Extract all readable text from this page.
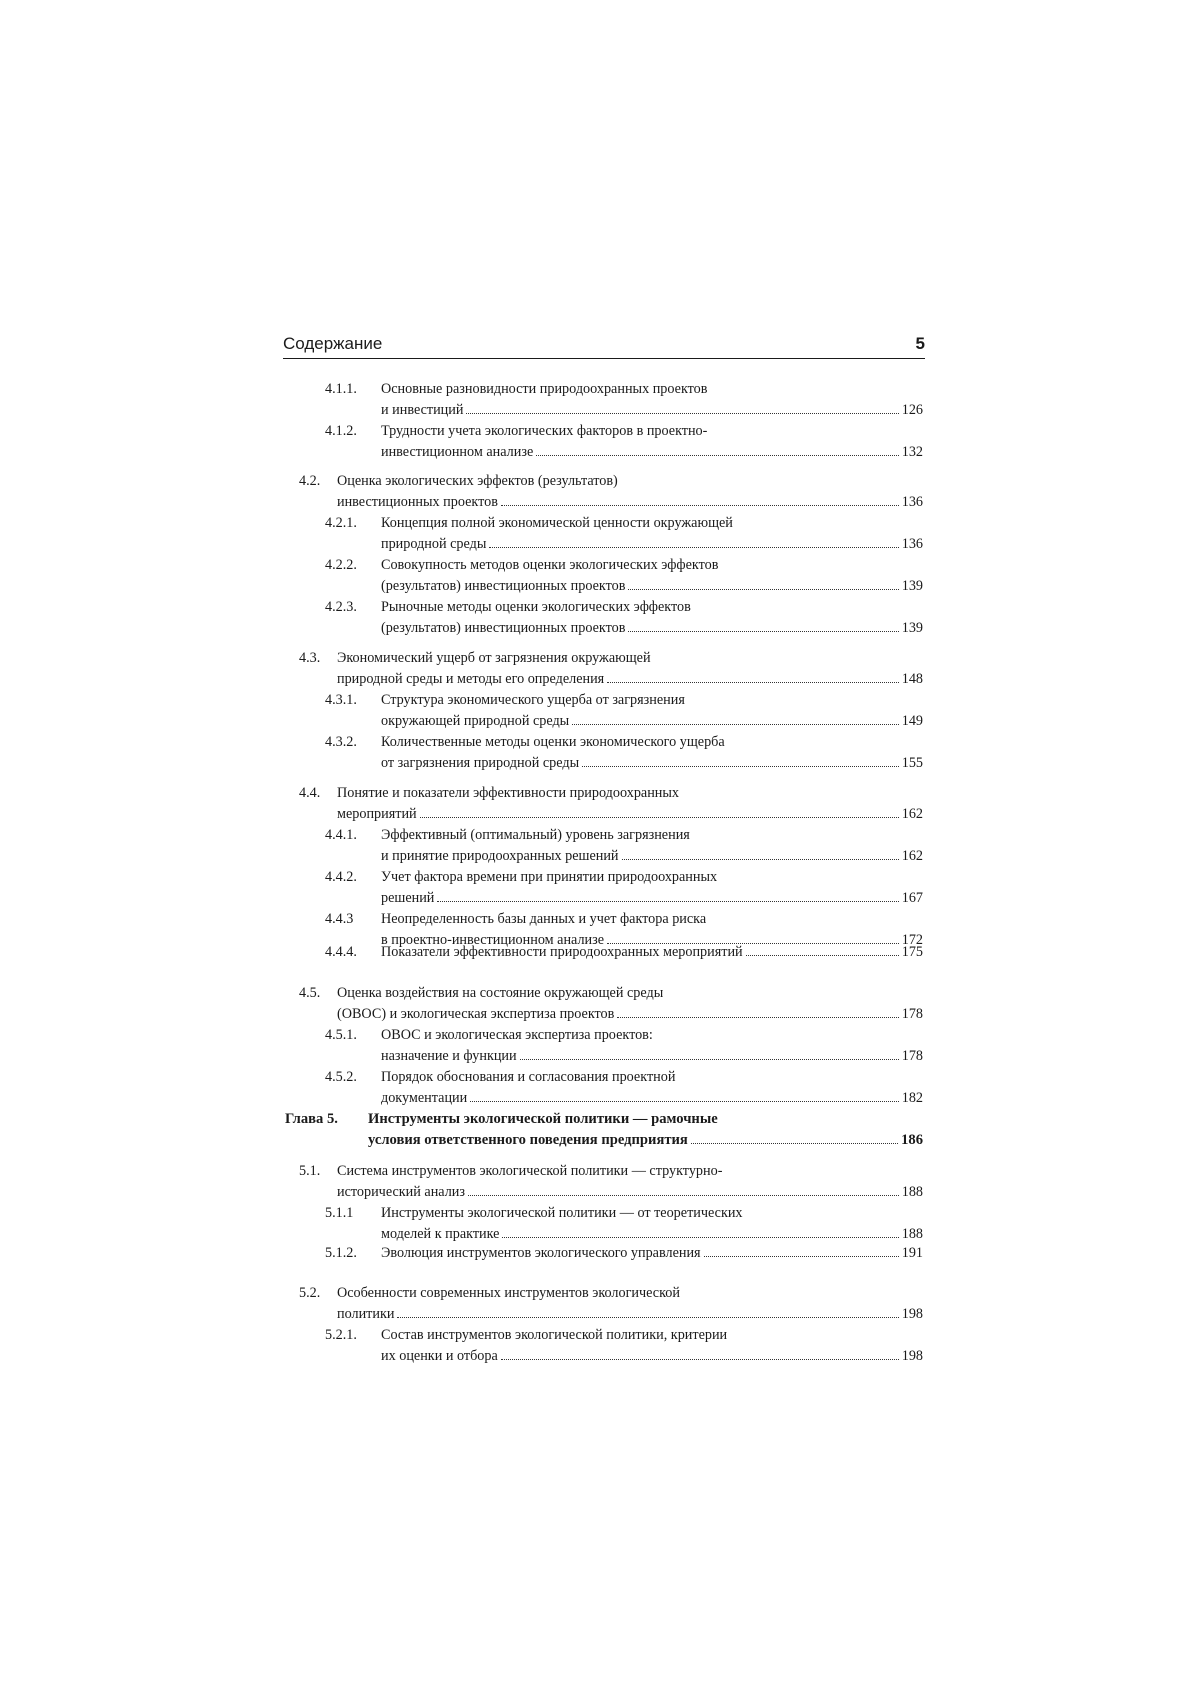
Содержание	5
4.1.1. Основные разновидности природоохранных проектов
и инвестиций	126
4.1.2. Трудности учета экологических факторов в проектно-
инвестиционном анализе	132
4.2. Оценка экологических эффектов (результатов)
инвестиционных проектов	136
4.2.1. Концепция полной экономической ценности окружающей
природной среды	136
4.2.2. Совокупность методов оценки экологических эффектов
(результатов) инвестиционных проектов	139
4.2.3. Рыночные методы оценки экологических эффектов
(результатов) инвестиционных проектов	139
4.3. Экономический ущерб от загрязнения окружающей
природной среды и методы его определения	148
4.3.1. Структура экономического ущерба от загрязнения
окружающей природной среды	149
4.3.2. Количественные методы оценки экономического ущерба
от загрязнения природной среды	155
4.4. Понятие и показатели эффективности природоохранных
мероприятий	162
4.4.1. Эффективный (оптимальный) уровень загрязнения
и принятие природоохранных решений	162
4.4.2. Учет фактора времени при принятии природоохранных
решений	167
4.4.3 Неопределенность базы данных и учет фактора риска
в проектно-инвестиционном анализе	172
4.4.4. Показатели эффективности природоохранных мероприятий	175
4.5. Оценка воздействия на состояние окружающей среды
(ОВОС) и экологическая экспертиза проектов	178
4.5.1. ОВОС и экологическая экспертиза проектов:
назначение и функции	178
4.5.2. Порядок обоснования и согласования проектной
документации	182
Глава 5. Инструменты экологической политики — рамочные
условия ответственного поведения предприятия	186
5.1. Система инструментов экологической политики — структурно-
исторический анализ	188
5.1.1 Инструменты экологической политики — от теоретических
моделей к практике	188
5.1.2. Эволюция инструментов экологического управления	191
5.2. Особенности современных инструментов экологической
политики	198
5.2.1. Состав инструментов экологической политики, критерии
их оценки и отбора	198
